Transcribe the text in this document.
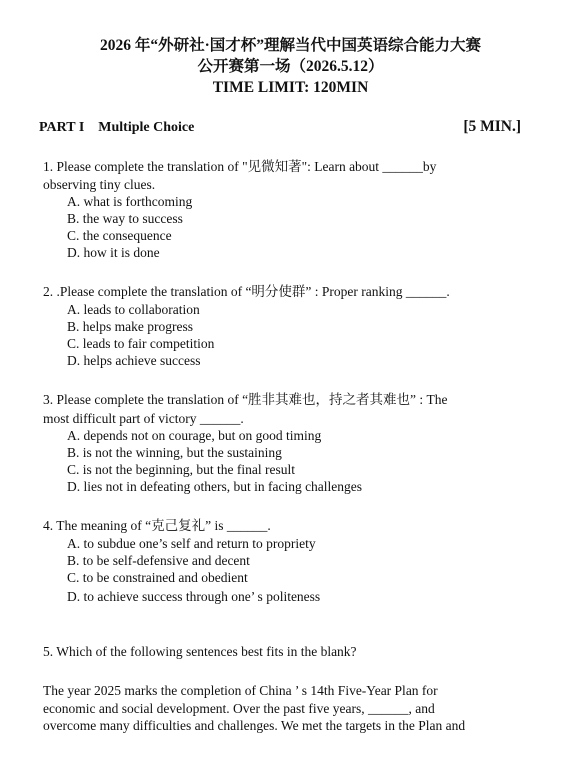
2026 年“外研社·国才杯”理解当代中国英语综合能力大赛
公开赛第一场（2026.5.12）
TIME LIMIT: 120MIN
PART I    Multiple Choice	[5 MIN.]

1. Please complete the translation of "见微知著": Learn about ______by

observing tiny clues.

A. what is forthcoming

B. the way to success

C. the consequence

D. how it is done

2. .Please complete the translation of “明分使群” : Proper ranking ______.

A. leads to collaboration

B. helps make progress

C. leads to fair competition

D. helps achieve success

3. Please complete the translation of “胜非其难也，持之者其难也” : The

most difficult part of victory ______.

A. depends not on courage, but on good timing

B. is not the winning, but the sustaining

C. is not the beginning, but the final result

D. lies not in defeating others, but in facing challenges

4. The meaning of “克己复礼” is ______.

A. to subdue one’s self and return to propriety

B. to be self-defensive and decent

C. to be constrained and obedient

D. to achieve success through one’ s politeness

5. Which of the following sentences best fits in the blank?

The year 2025 marks the completion of China ’ s 14th Five-Year Plan for

economic and social development. Over the past five years, ______, and

overcome many difficulties and challenges. We met the targets in the Plan and
